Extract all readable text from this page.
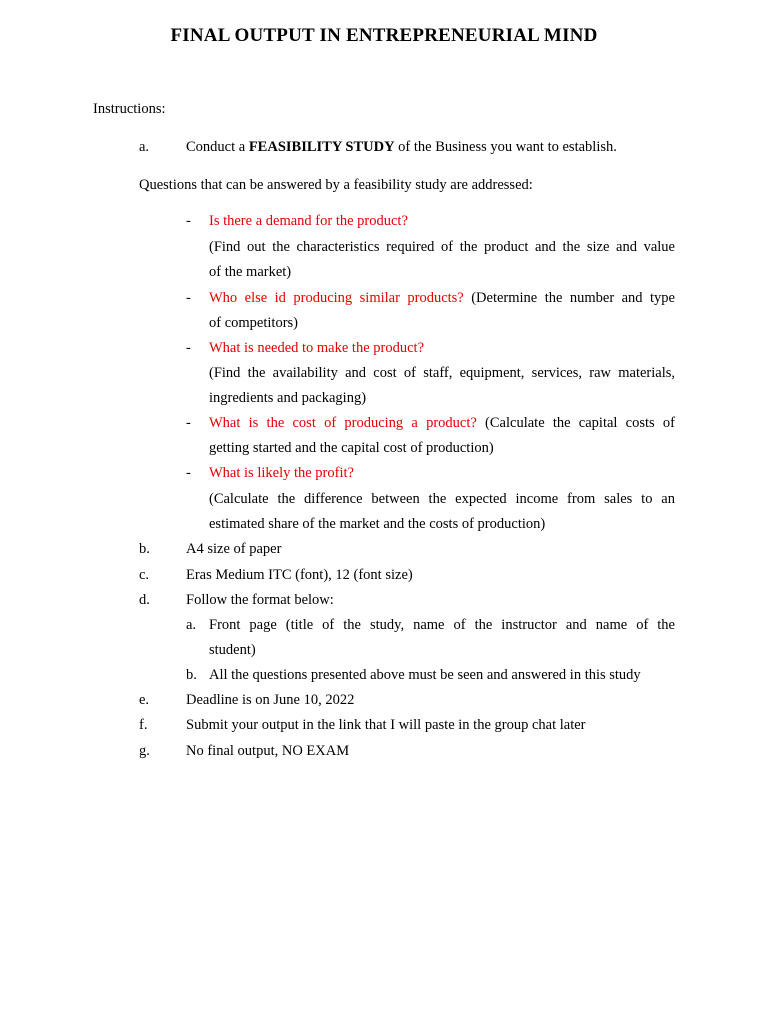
FINAL OUTPUT IN ENTREPRENEURIAL MIND
Instructions:
a.	Conduct a FEASIBILITY STUDY of the Business you want to establish.
Questions that can be answered by a feasibility study are addressed:
- Is there a demand for the product?
(Find out the characteristics required of the product and the size and value
of the market)
- Who else id producing similar products? (Determine the number and type
of competitors)
- What is needed to make the product?
(Find the availability and cost of staff, equipment, services, raw materials,
ingredients and packaging)
- What is the cost of producing a product? (Calculate the capital costs of
getting started and the capital cost of production)
- What is likely the profit?
(Calculate the difference between the expected income from sales to an
estimated share of the market and the costs of production)
b. A4 size of paper
c.	Eras Medium ITC (font), 12 (font size)
d. Follow the format below:
a. Front page (title of the study, name of the instructor and name of the
student)
b. All the questions presented above must be seen and answered in this study
e.	Deadline is on June 10, 2022
f.	Submit your output in the link that I will paste in the group chat later
g. No final output, NO EXAM
